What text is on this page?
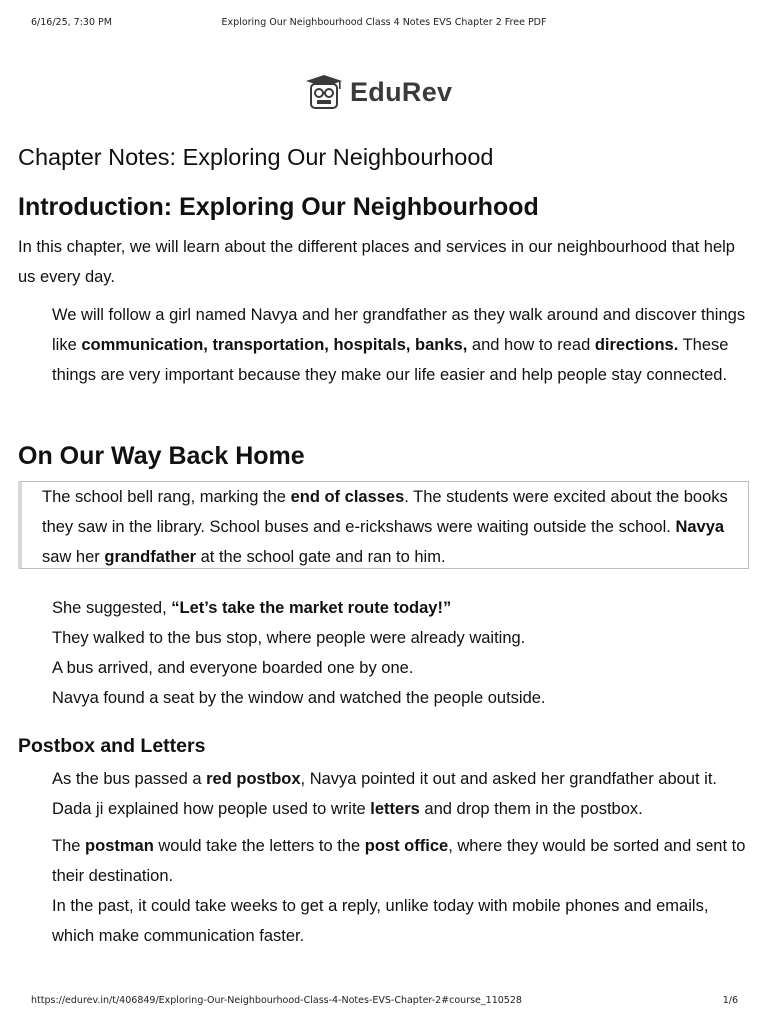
6/16/25, 7:30 PM	Exploring Our Neighbourhood Class 4 Notes EVS Chapter 2 Free PDF
EduRev
Chapter Notes: Exploring Our Neighbourhood
Introduction: Exploring Our Neighbourhood

In this chapter, we will learn about the different places and services in our neighbourhood that help us every day.

We will follow a girl named Navya and her grandfather as they walk around and discover things like communication, transportation, hospitals, banks, and how to read directions. These things are very important because they make our life easier and help people stay connected.

On Our Way Back Home

The school bell rang, marking the end of classes. The students were excited about the books they saw in the library. School buses and e-rickshaws were waiting outside the school. Navya saw her grandfather at the school gate and ran to him.

She suggested, “Let’s take the market route today!”
They walked to the bus stop, where people were already waiting.
A bus arrived, and everyone boarded one by one.
Navya found a seat by the window and watched the people outside.
Postbox and Letters

As the bus passed a red postbox, Navya pointed it out and asked her grandfather about it. Dada ji explained how people used to write letters and drop them in the postbox.

The postman would take the letters to the post office, where they would be sorted and sent to their destination.
In the past, it could take weeks to get a reply, unlike today with mobile phones and emails, which make communication faster.

https://edurev.in/t/406849/Exploring-Our-Neighbourhood-Class-4-Notes-EVS-Chapter-2#course_110528	1/6
